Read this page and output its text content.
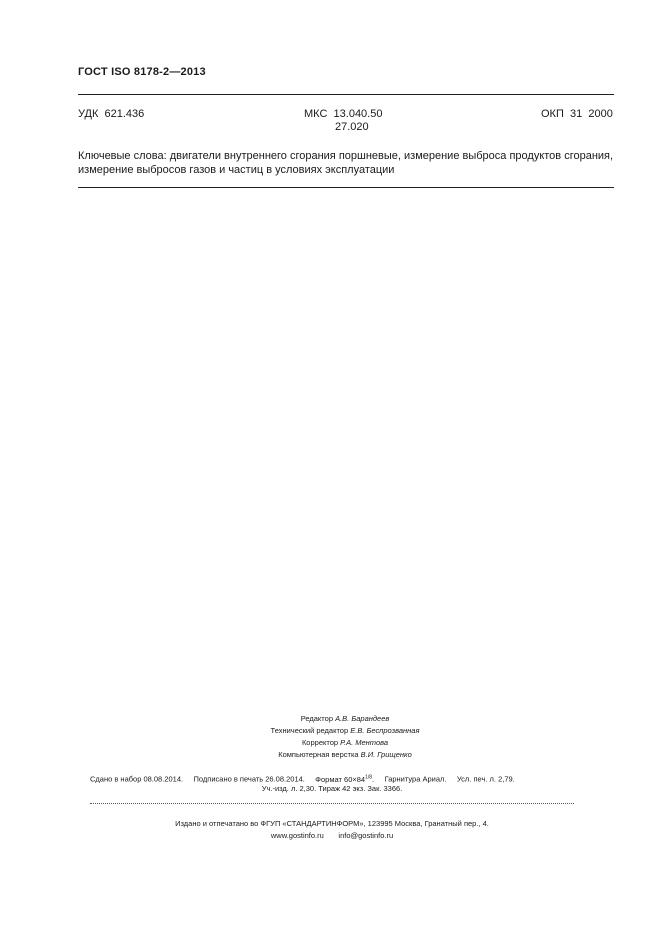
ГОСТ ISO 8178-2—2013
УДК 621.436	МКС 13.040.50
27.020
ОКП 31  2000
Ключевые слова: двигатели внутреннего сгорания поршневые, измерение выброса продуктов сгорания,
измерение выбросов газов и частиц в условиях эксплуатации
Редактор А.В. Барандеев
Технический редактор Е.В. Беспрозванная
Корректор Р.А. Ментова
Компьютерная верстка В.И. Грищенко
Сдано в набор 08.08.2014. Подписано в печать 26.08.2014. Формат $60\times 84^{1/8}$. Гарнитура Ариал. Усл. печ. л. 2,79.
Уч.-изд. л. 2,30. Тираж 42 экз. Зак. 3366.
Издано и отпечатано во ФГУП «СТАНДАРТИНФОРМ», 123995 Москва, Гранатный пер., 4.
www.gostinfo.ru info@gostinfo.ru
